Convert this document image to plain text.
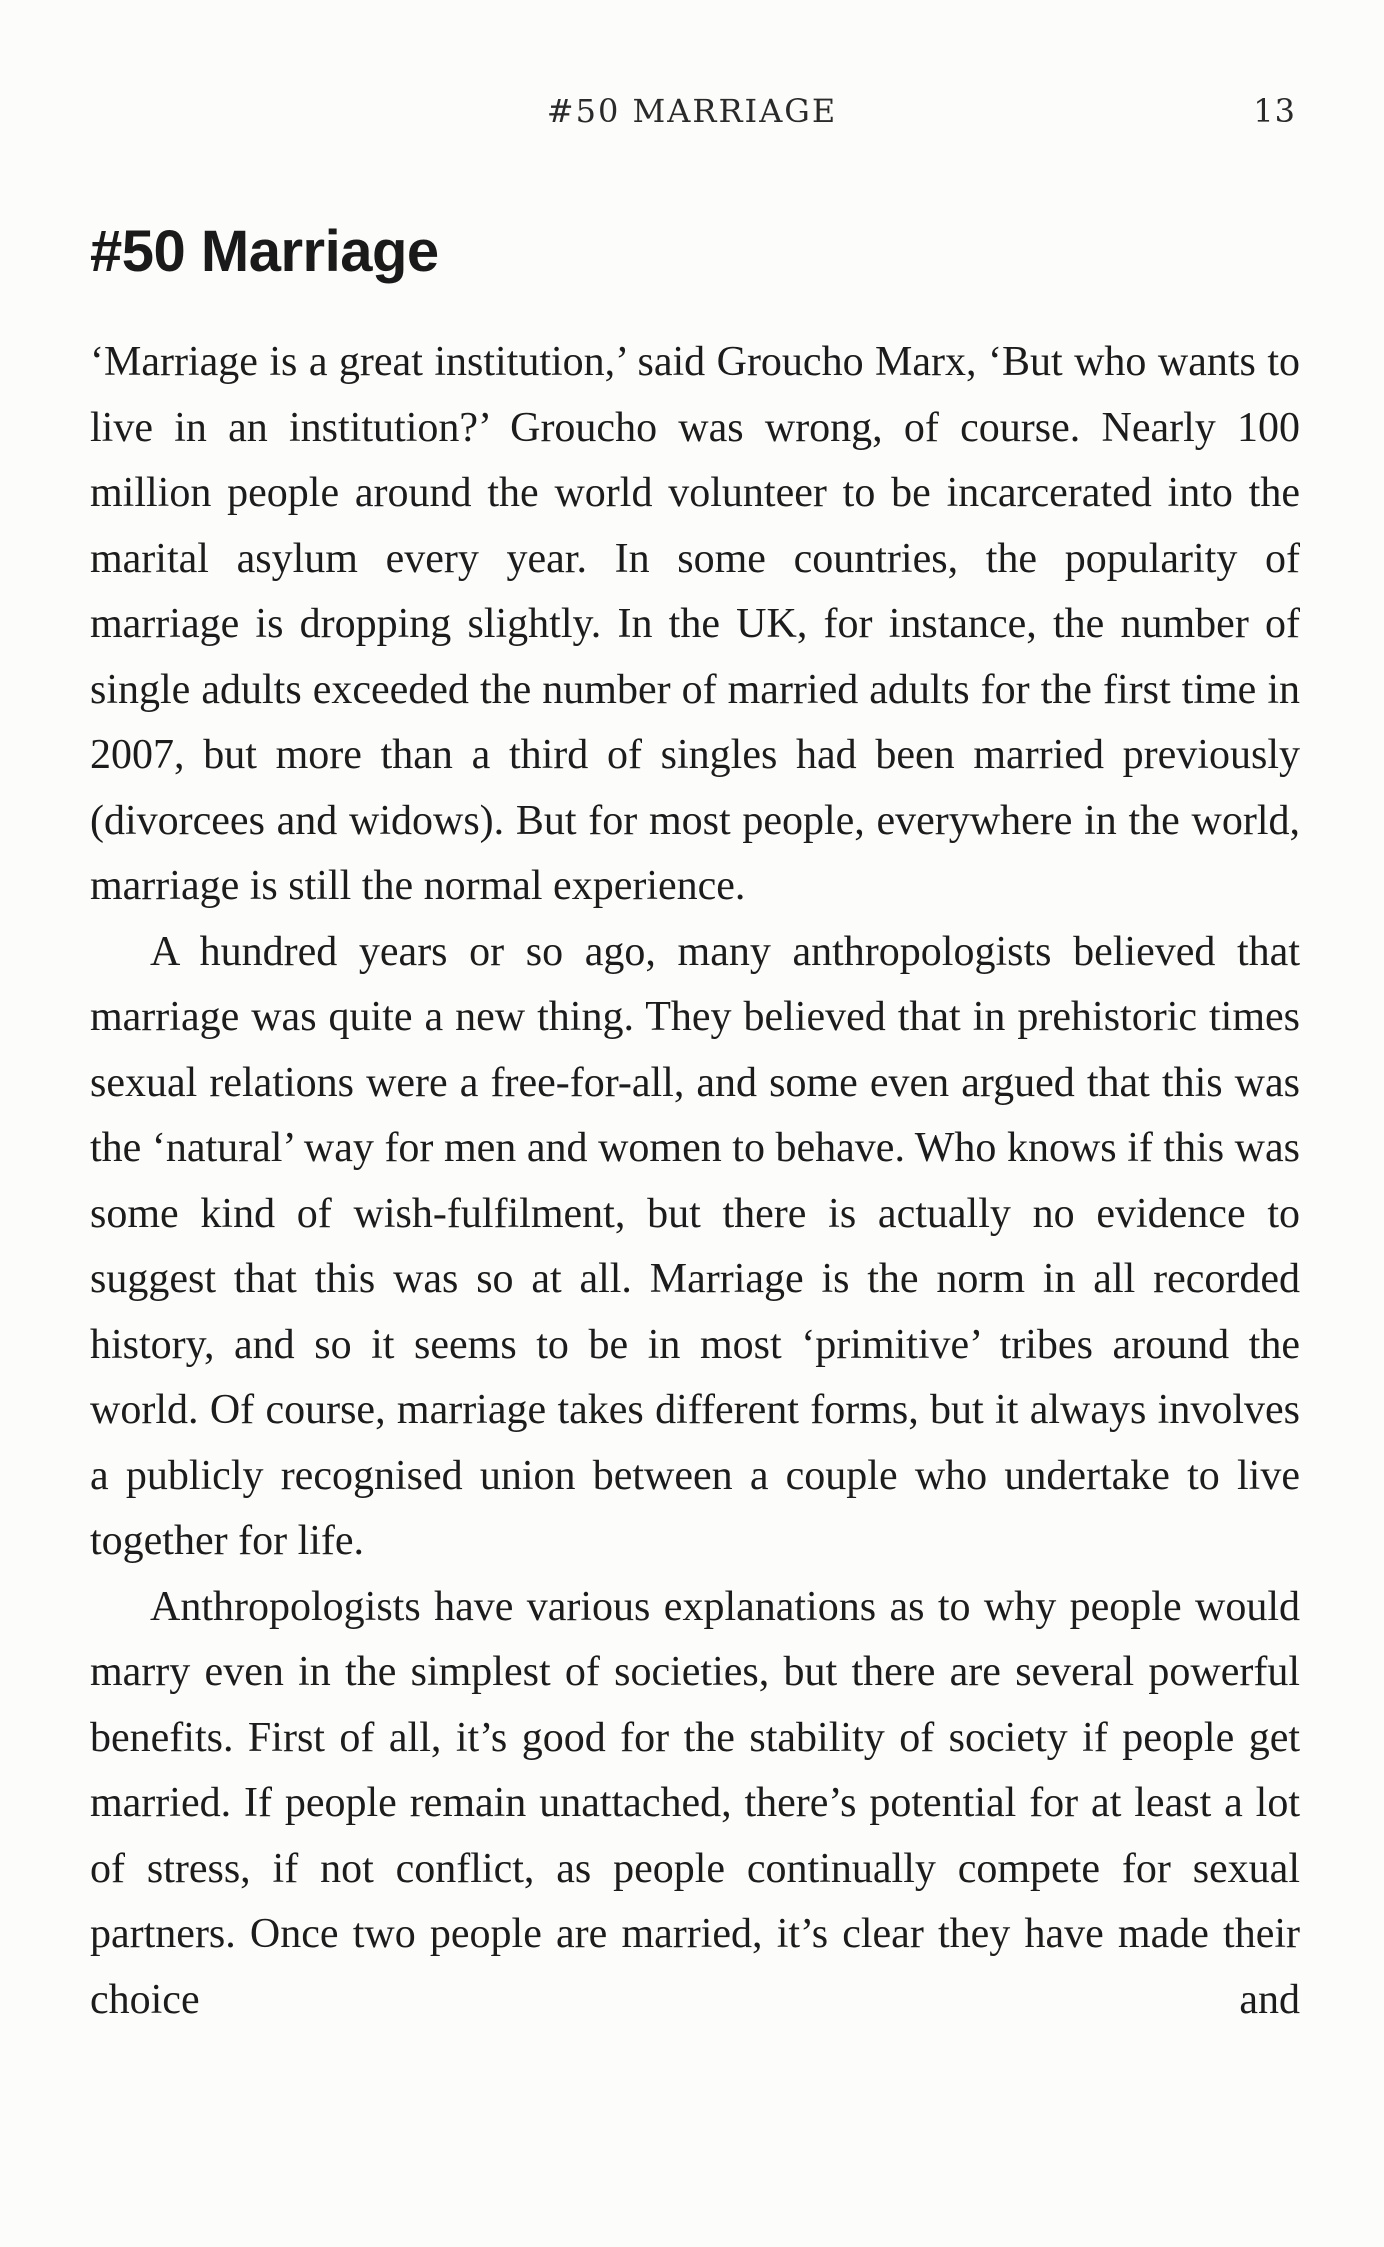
#50 MARRIAGE	13
#50 Marriage

‘Marriage is a great institution,’ said Groucho Marx, ‘But who wants to live in an institution?’ Groucho was wrong, of course. Nearly 100 million people around the world volunteer to be incarcerated into the marital asylum every year. In some countries, the popularity of marriage is dropping slightly. In the UK, for instance, the number of single adults exceeded the number of married adults for the first time in 2007, but more than a third of singles had been married previously (divorcees and widows). But for most people, everywhere in the world, marriage is still the normal experience.

A hundred years or so ago, many anthropologists believed that marriage was quite a new thing. They believed that in prehistoric times sexual relations were a free-for-all, and some even argued that this was the ‘natural’ way for men and women to behave. Who knows if this was some kind of wish-fulfilment, but there is actually no evidence to suggest that this was so at all. Marriage is the norm in all recorded history, and so it seems to be in most ‘primitive’ tribes around the world. Of course, marriage takes different forms, but it always involves a publicly recognised union between a couple who undertake to live together for life.

Anthropologists have various explanations as to why people would marry even in the simplest of societies, but there are several powerful benefits. First of all, it’s good for the stability of society if people get married. If people remain unattached, there’s potential for at least a lot of stress, if not conflict, as people continually compete for sexual partners. Once two people are married, it’s clear they have made their choice and
